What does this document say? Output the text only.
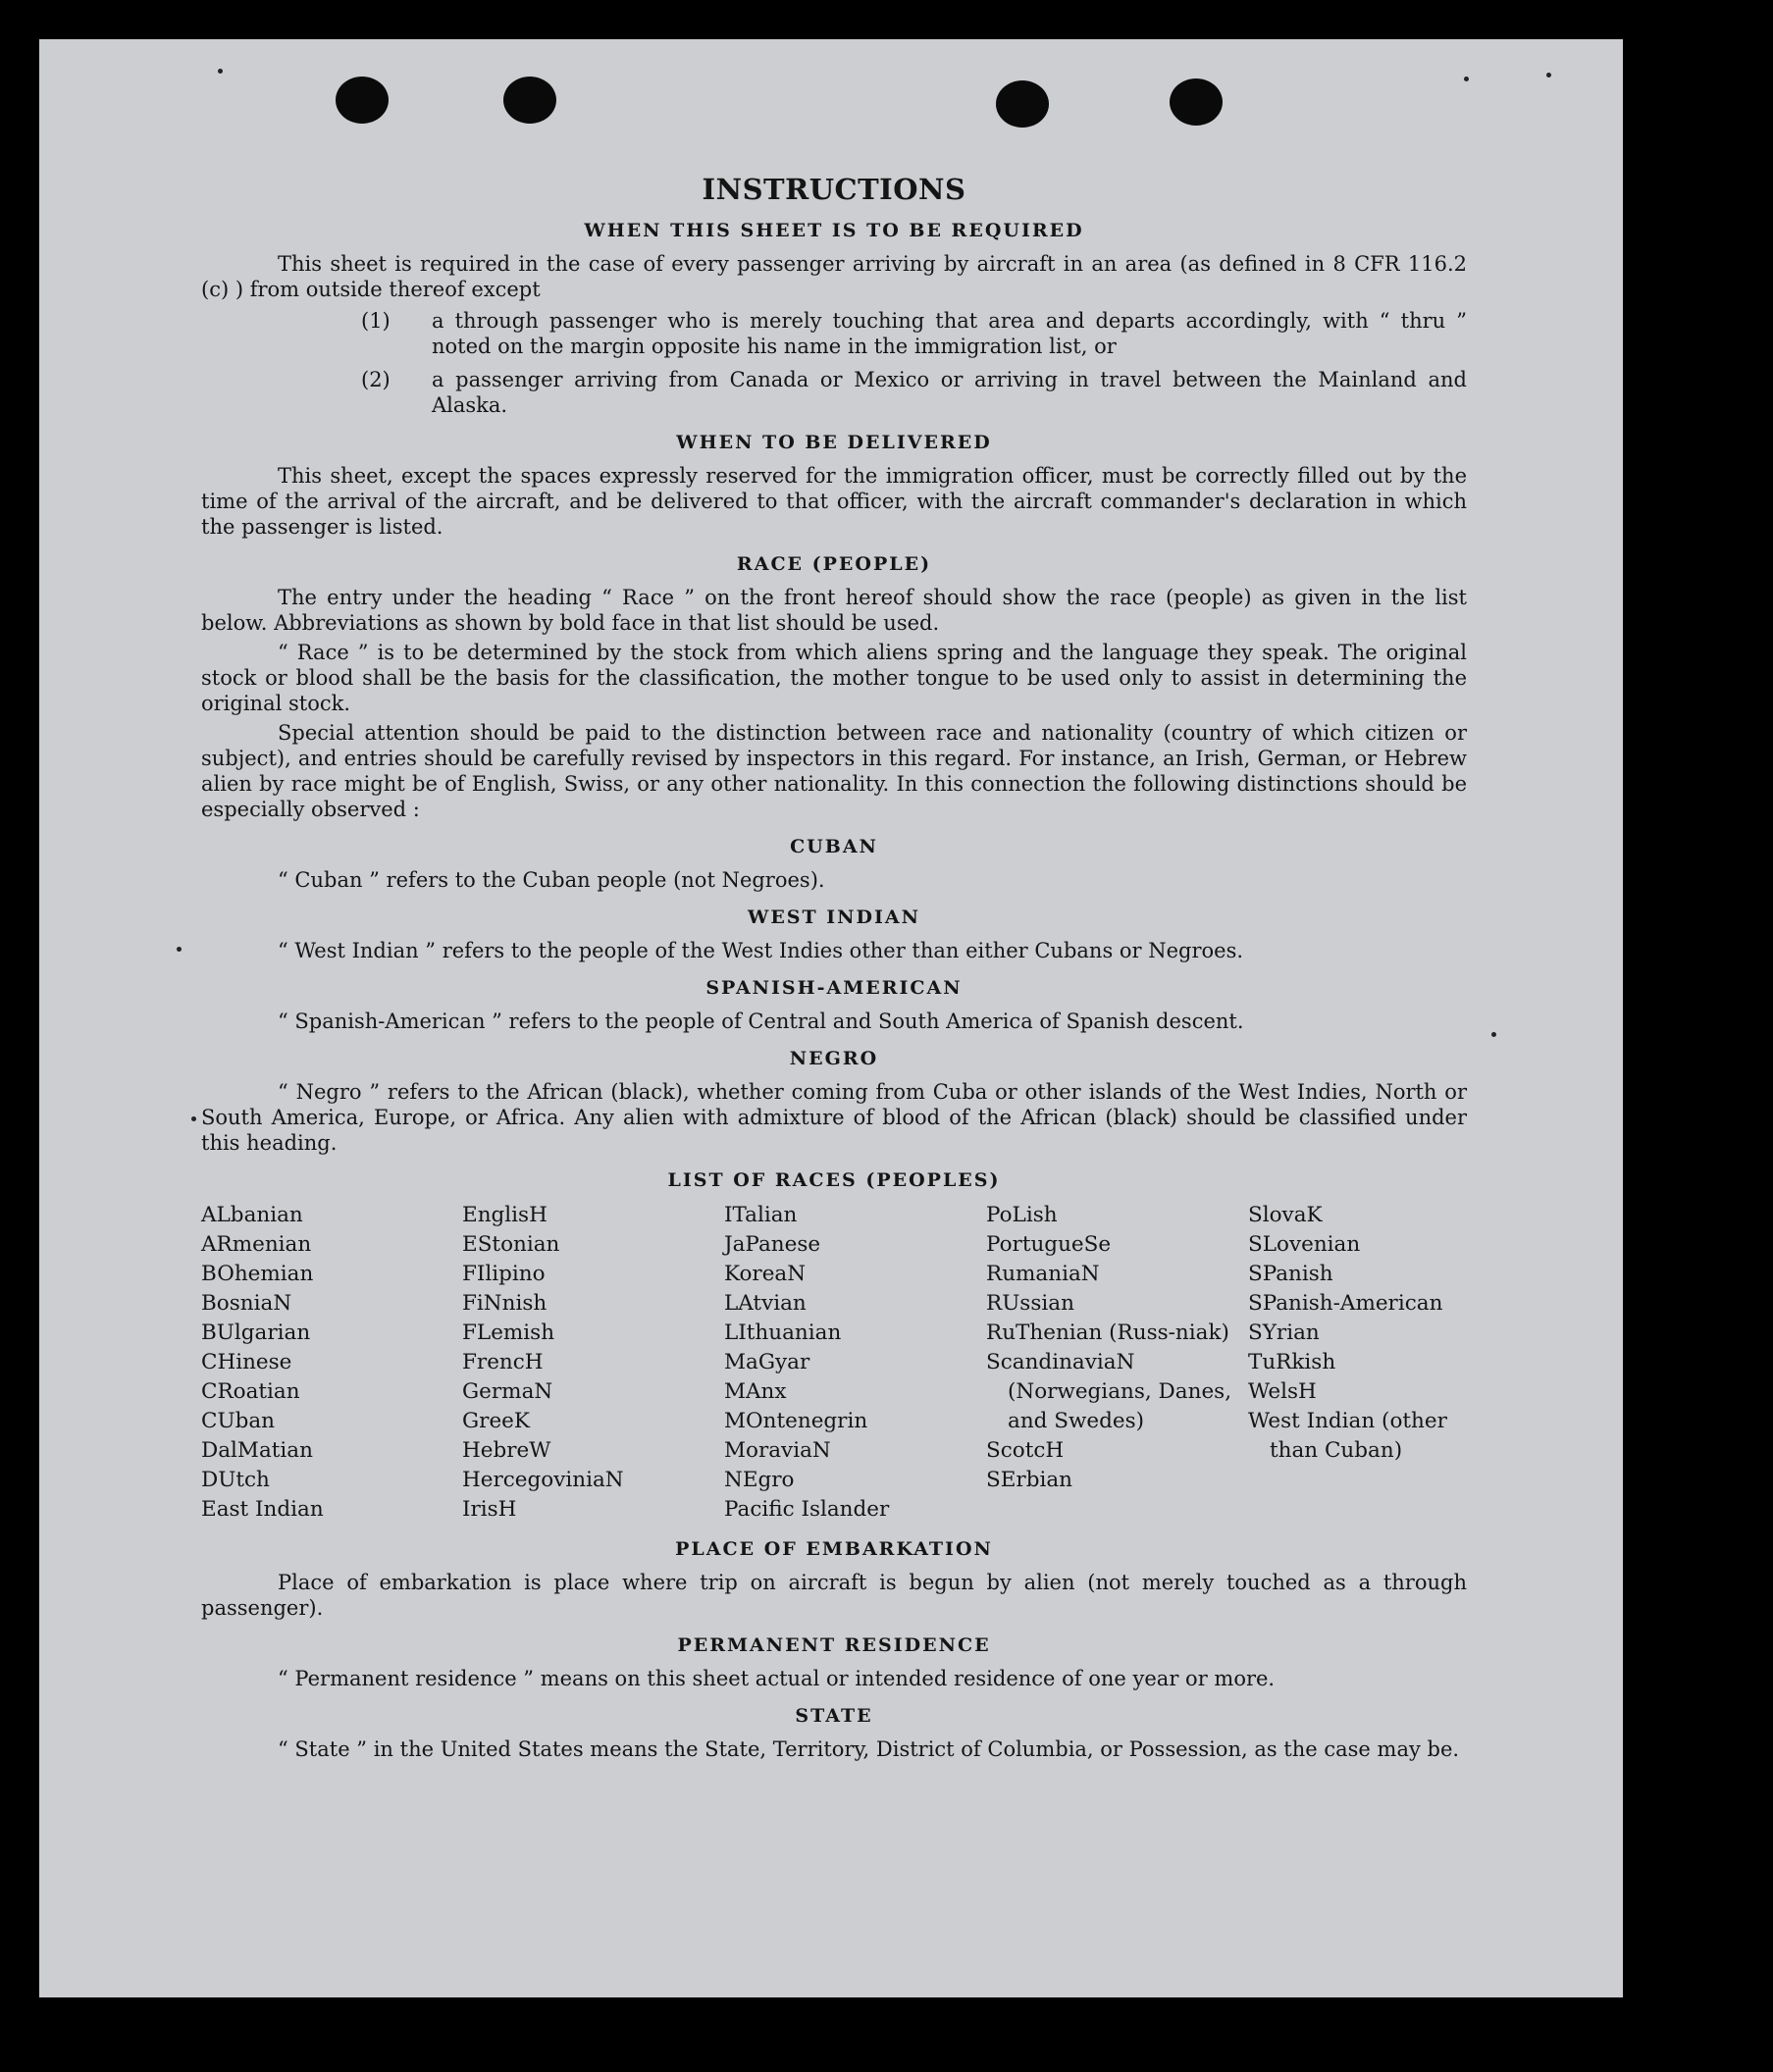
INSTRUCTIONS
WHEN THIS SHEET IS TO BE REQUIRED

This sheet is required in the case of every passenger arriving by aircraft in an area (as defined in 8 CFR 116.2 (c) ) from outside thereof except

(1) a through passenger who is merely touching that area and departs accordingly, with “ thru ” noted on the margin opposite his name in the immigration list, or
(2) a passenger arriving from Canada or Mexico or arriving in travel between the Mainland and Alaska.
WHEN TO BE DELIVERED

This sheet, except the spaces expressly reserved for the immigration officer, must be correctly filled out by the time of the arrival of the aircraft, and be delivered to that officer, with the aircraft commander's declaration in which the passenger is listed.

RACE (PEOPLE)

The entry under the heading “ Race ” on the front hereof should show the race (people) as given in the list below. Abbreviations as shown by bold face in that list should be used.

“ Race ” is to be determined by the stock from which aliens spring and the language they speak. The original stock or blood shall be the basis for the classification, the mother tongue to be used only to assist in determining the original stock.

Special attention should be paid to the distinction between race and nationality (country of which citizen or subject), and entries should be carefully revised by inspectors in this regard. For instance, an Irish, German, or Hebrew alien by race might be of English, Swiss, or any other nationality. In this connection the following distinctions should be especially observed :

CUBAN

“ Cuban ” refers to the Cuban people (not Negroes).

WEST INDIAN

“ West Indian ” refers to the people of the West Indies other than either Cubans or Negroes.

SPANISH-AMERICAN

“ Spanish-American ” refers to the people of Central and South America of Spanish descent.

NEGRO

“ Negro ” refers to the African (black), whether coming from Cuba or other islands of the West Indies, North or South America, Europe, or Africa. Any alien with admixture of blood of the African (black) should be classified under this heading.

LIST OF RACES (PEOPLES)
ALbanian
ARmenian
BOhemian
BosniaN
BUlgarian
CHinese
CRoatian
CUban
DalMatian
DUtch
East Indian
EnglisH
EStonian
FIlipino
FiNnish
FLemish
FrencH
GermaN
GreeK
HebreW
HercegoviniaN
IrisH
ITalian
JaPanese
KoreaN
LAtvian
LIthuanian
MaGyar
MAnx
MOntenegrin
MoraviaN
NEgro
Pacific Islander
PoLish
PortugueSe
RumaniaN
RUssian
RuThenian (Russ-niak)
ScandinaviaN (Norwegians, Danes, and Swedes)
ScotcH
SErbian
SlovaK
SLovenian
SPanish
SPanish-American
SYrian
TuRkish
WelsH
West Indian (other than Cuban)
PLACE OF EMBARKATION

Place of embarkation is place where trip on aircraft is begun by alien (not merely touched as a through passenger).

PERMANENT RESIDENCE

“ Permanent residence ” means on this sheet actual or intended residence of one year or more.

STATE

“ State ” in the United States means the State, Territory, District of Columbia, or Possession, as the case may be.
